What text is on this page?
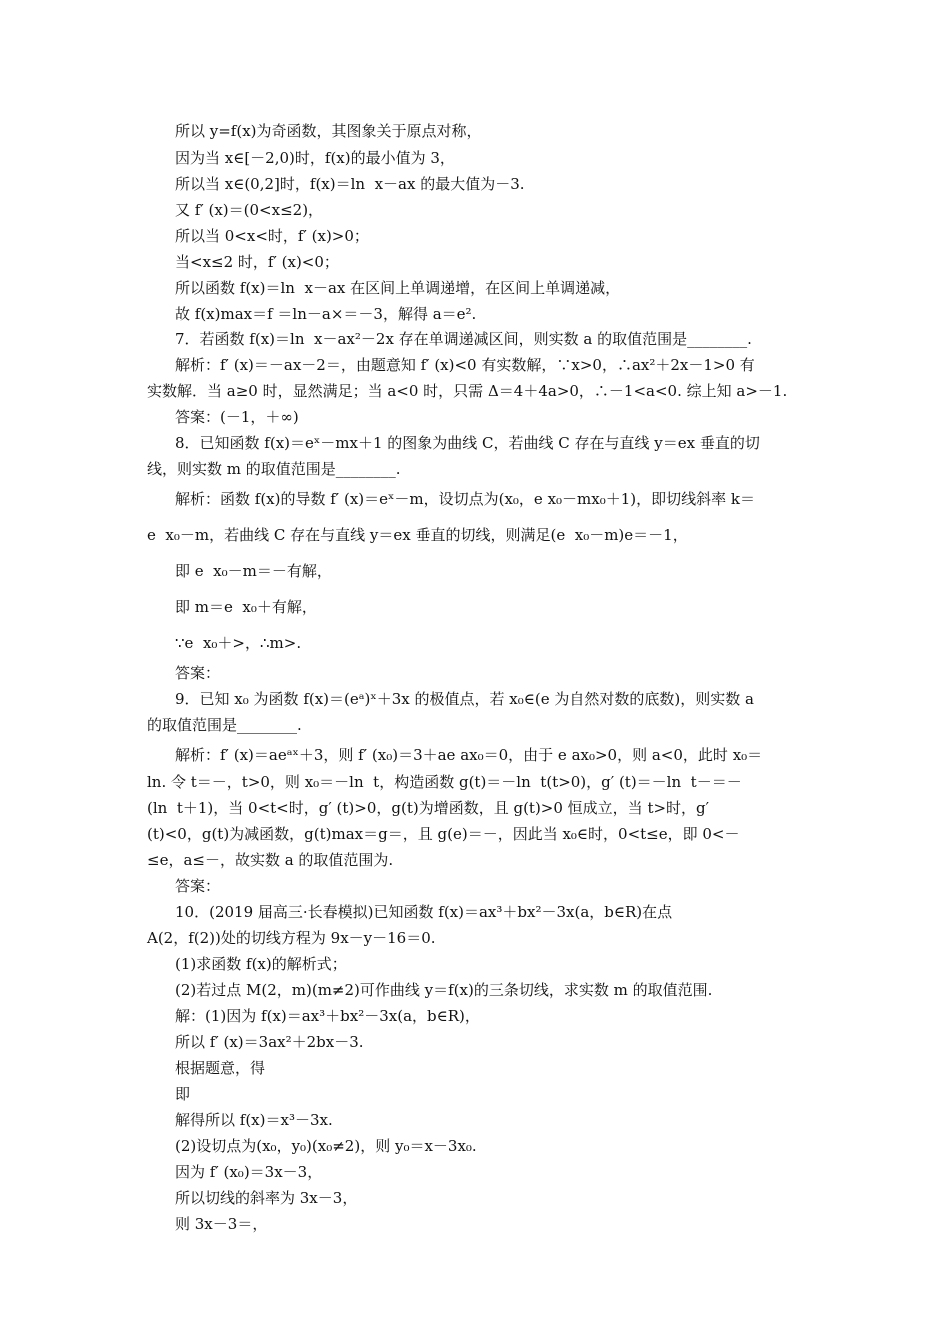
所以 y=f(x)为奇函数，其图象关于原点对称，
因为当 x∈[－2,0)时，f(x)的最小值为 3，
所以当 x∈(0,2]时，f(x)＝ln  x－ax 的最大值为－3.
又 f′ (x)＝(0<x≤2)，
所以当 0<x<时，f′ (x)>0；
当<x≤2 时，f′ (x)<0；
所以函数 f(x)＝ln  x－ax 在区间上单调递增，在区间上单调递减，
故 f(x)max＝f ＝ln－a×＝－3，解得 a＝e².
7．若函数 f(x)＝ln  x－ax²－2x 存在单调递减区间，则实数 a 的取值范围是________.
解析：f′ (x)＝－ax－2＝，由题意知 f′ (x)<0 有实数解，∵x>0，∴ax²＋2x－1>0 有
实数解．当 a≥0 时，显然满足；当 a<0 时，只需 Δ＝4＋4a>0，∴－1<a<0. 综上知 a>－1.
答案：(－1，＋∞)
8．已知函数 f(x)＝eˣ－mx＋1 的图象为曲线 C，若曲线 C 存在与直线 y＝ex 垂直的切
线，则实数 m 的取值范围是________.
解析：函数 f(x)的导数 f′ (x)＝eˣ－m，设切点为(x₀，e x₀－mx₀＋1)，即切线斜率 k＝
e  x₀－m，若曲线 C 存在与直线 y＝ex 垂直的切线，则满足(e  x₀－m)e＝－1，
即 e  x₀－m＝－有解，
即 m＝e  x₀＋有解，
∵e  x₀＋>，∴m>.
答案：
9．已知 x₀ 为函数 f(x)＝(eᵃ)ˣ＋3x 的极值点，若 x₀∈(e 为自然对数的底数)，则实数 a
的取值范围是________.
解析：f′ (x)＝aeᵃˣ＋3，则 f′ (x₀)＝3＋ae ax₀＝0，由于 e ax₀>0，则 a<0，此时 x₀＝
ln. 令 t＝－，t>0，则 x₀＝－ln  t，构造函数 g(t)＝－ln  t(t>0)，g′ (t)＝－ln  t－＝－
(ln  t＋1)，当 0<t<时，g′ (t)>0，g(t)为增函数，且 g(t)>0 恒成立，当 t>时，g′
(t)<0，g(t)为减函数，g(t)max＝g＝，且 g(e)＝－，因此当 x₀∈时，0<t≤e，即 0<－
≤e，a≤－，故实数 a 的取值范围为.
答案：
10．(2019 届高三·长春模拟)已知函数 f(x)＝ax³＋bx²－3x(a，b∈R)在点
A(2，f(2))处的切线方程为 9x－y－16＝0.
(1)求函数 f(x)的解析式；
(2)若过点 M(2，m)(m≠2)可作曲线 y＝f(x)的三条切线，求实数 m 的取值范围.
解：(1)因为 f(x)＝ax³＋bx²－3x(a，b∈R)，
所以 f′ (x)＝3ax²＋2bx－3.
根据题意，得
即
解得所以 f(x)＝x³－3x.
(2)设切点为(x₀，y₀)(x₀≠2)，则 y₀＝x－3x₀.
因为 f′ (x₀)＝3x－3，
所以切线的斜率为 3x－3，
则 3x－3＝，
